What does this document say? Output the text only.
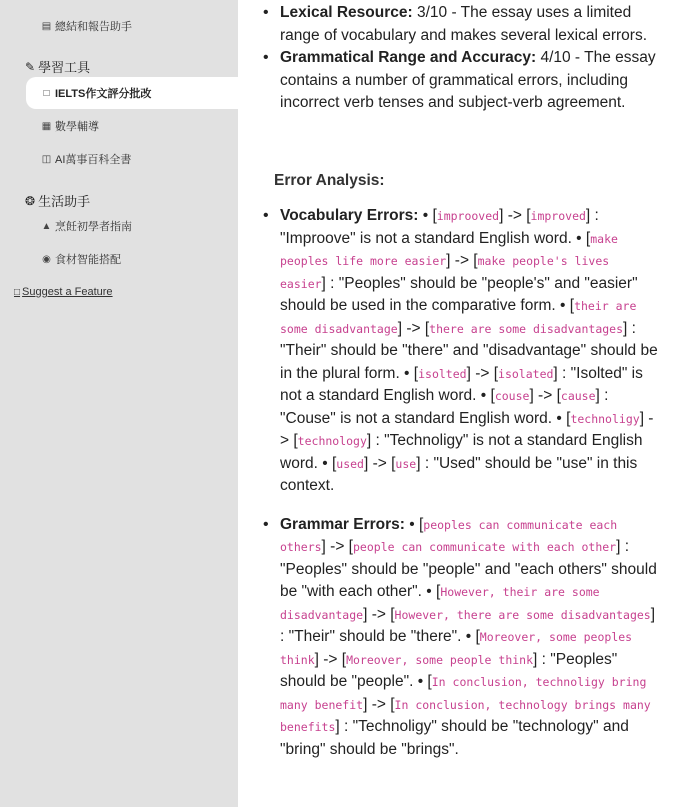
▤ 總結和報告助手
✎ 學習工具
□ IELTS作文評分批改
▦ 數學輔導
◫ AI萬事百科全書
❂ 生活助手
▲ 烹飪初學者指南
◉ 食材智能搭配
□ Suggest a Feature
• Lexical Resource: 3/10 - The essay uses a limited range of vocabulary and makes several lexical errors.
• Grammatical Range and Accuracy: 4/10 - The essay contains a number of grammatical errors, including incorrect verb tenses and subject-verb agreement.
Error Analysis:
• Vocabulary Errors: • [improoved] -> [improved] : "Improove" is not a standard English word. • [make peoples life more easier] -> [make people's lives easier] : "Peoples" should be "people's" and "easier" should be used in the comparative form. • [their are some disadvantage] -> [there are some disadvantages] : "Their" should be "there" and "disadvantage" should be in the plural form. • [isolted] -> [isolated] : "Isolted" is not a standard English word. • [couse] -> [cause] : "Couse" is not a standard English word. • [technoligy] -> [technology] : "Technoligy" is not a standard English word. • [used] -> [use] : "Used" should be "use" in this context.
• Grammar Errors: • [peoples can communicate each others] -> [people can communicate with each other] : "Peoples" should be "people" and "each others" should be "with each other". • [However, their are some disadvantage] -> [However, there are some disadvantages] : "Their" should be "there". • [Moreover, some peoples think] -> [Moreover, some people think] : "Peoples" should be "people". • [In conclusion, technoligy bring many benefit] -> [In conclusion, technology brings many benefits] : "Technoligy" should be "technology" and "bring" should be "brings".
